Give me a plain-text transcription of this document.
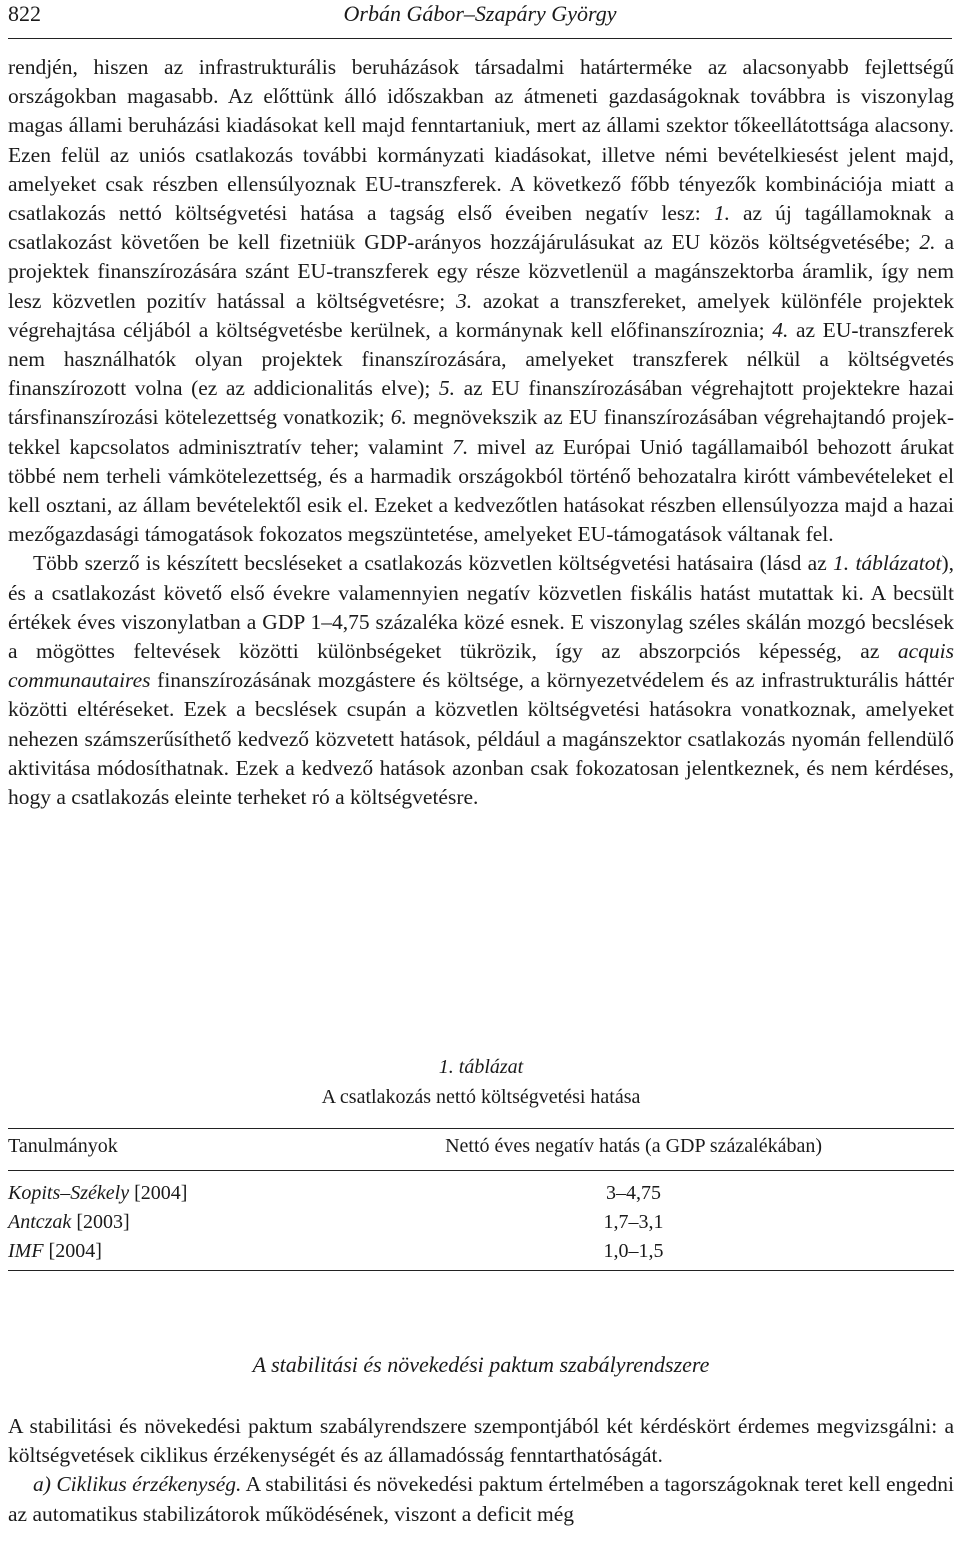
822	Orbán Gábor–Szapáry György

rendjén, hiszen az infrastrukturális beruházások társadalmi határterméke az alacsonyabb fejlettségű országokban magasabb. Az előttünk álló időszakban az átmeneti gazdaságoknak továbbra is viszonylag magas állami beruházási kiadásokat kell majd fenntartaniuk, mert az állami szektor tőkeellátottsága alacsony. Ezen felül az uniós csatlakozás további kormányzati kiadásokat, illetve némi bevételkiesést jelent majd, amelyeket csak részben ellensúlyoznak EU-transzferek. A következő főbb tényezők kombinációja miatt a csatlakozás nettó költségvetési hatása a tagság első éveiben negatív lesz: 1. az új tagállamoknak a csatlakozást követően be kell fizetniük GDP-arányos hozzájárulásukat az EU közös költségvetésébe; 2. a projektek finanszírozására szánt EU-transzferek egy része közvetlenül a magánszektorba áramlik, így nem lesz közvetlen pozitív hatással a költségvetésre; 3. azokat a transzfereket, amelyek különféle projektek végrehajtása céljából a költségvetésbe kerülnek, a kormánynak kell előfinanszíroznia; 4. az EU-transzferek nem használhatók olyan projektek finanszírozására, amelyeket transzferek nélkül a költségvetés finanszírozott volna (ez az addicionalitás elve); 5. az EU finanszírozásában végrehajtott projektekre hazai társfinanszírozási kötelezettség vonatkozik; 6. megnövekszik az EU finanszírozásában végrehajtandó projektekkel kapcsolatos adminisztratív teher; valamint 7. mivel az Európai Unió tagállamaiból behozott árukat többé nem terheli vámkötelezettség, és a harmadik országokból történő behozatalra kirótt vámbevételeket el kell osztani, az állam bevételektől esik el. Ezeket a kedvezőtlen hatásokat részben ellensúlyozza majd a hazai mezőgazdasági támogatások fokozatos megszüntetése, amelyeket EU-támogatások váltanak fel.

Több szerző is készített becsléseket a csatlakozás közvetlen költségvetési hatásaira (lásd az 1. táblázatot), és a csatlakozást követő első évekre valamennyien negatív közvetlen fiskális hatást mutattak ki. A becsült értékek éves viszonylatban a GDP 1–4,75 százaléka közé esnek. E viszonylag széles skálán mozgó becslések a mögöttes feltevések közötti különbségeket tükrözik, így az abszorpciós képesség, az acquis communautaires finanszírozásának mozgástere és költsége, a környezetvédelem és az infrastrukturális háttér közötti eltéréseket. Ezek a becslések csupán a közvetlen költségvetési hatásokra vonatkoznak, amelyeket nehezen számszerűsíthető kedvező közvetett hatások, például a magánszektor csatlakozás nyomán fellendülő aktivitása módosíthatnak. Ezek a kedvező hatások azonban csak fokozatosan jelentkeznek, és nem kérdéses, hogy a csatlakozás eleinte terheket ró a költségvetésre.

1. táblázat
A csatlakozás nettó költségvetési hatása
Tanulmányok	Nettó éves negatív hatás (a GDP százalékában)
Kopits–Székely [2004]	3–4,75
Antczak [2003]	1,7–3,1
IMF [2004]	1,0–1,5
A stabilitási és növekedési paktum szabályrendszere

A stabilitási és növekedési paktum szabályrendszere szempontjából két kérdéskört érdemes megvizsgálni: a költségvetések ciklikus érzékenységét és az államadósság fenntarthatóságát.

a) Ciklikus érzékenység. A stabilitási és növekedési paktum értelmében a tagországoknak teret kell engedni az automatikus stabilizátorok működésének, viszont a deficit még
